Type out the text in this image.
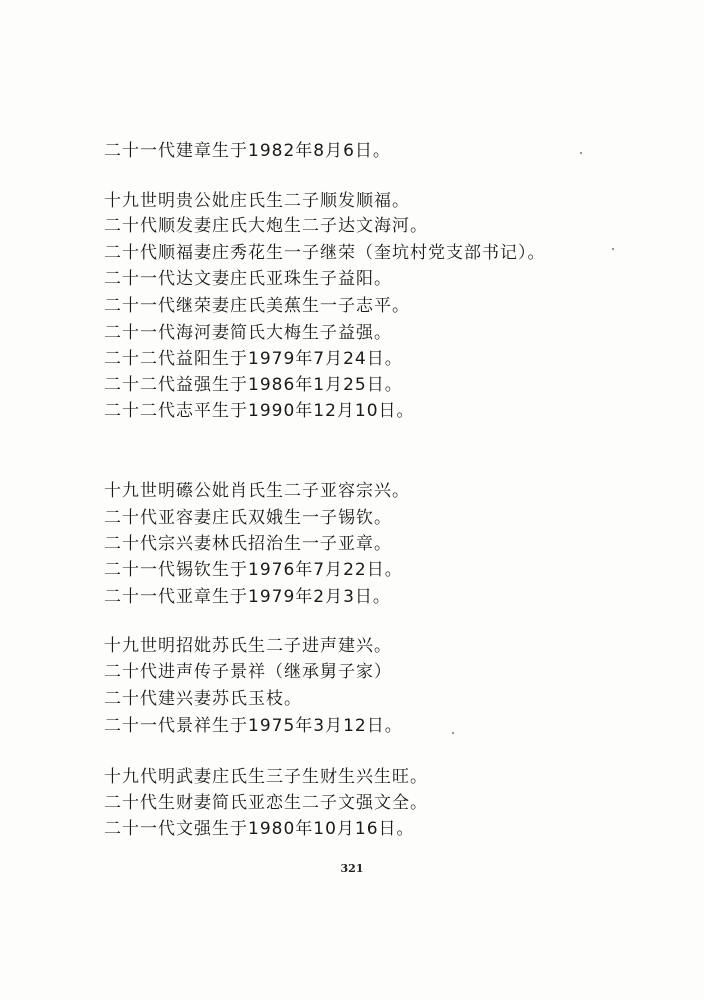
二十一代建章生于1982年8月6日。
十九世明贵公妣庄氏生二子顺发顺福。
二十代顺发妻庄氏大炮生二子达文海河。
二十代顺福妻庄秀花生一子继荣（奎坑村党支部书记）。
二十一代达文妻庄氏亚珠生子益阳。
二十一代继荣妻庄氏美蕉生一子志平。
二十一代海河妻简氏大梅生子益强。
二十二代益阳生于1979年7月24日。
二十二代益强生于1986年1月25日。
二十二代志平生于1990年12月10日。
十九世明礤公妣肖氏生二子亚容宗兴。
二十代亚容妻庄氏双娥生一子锡钦。
二十代宗兴妻林氏招治生一子亚章。
二十一代锡钦生于1976年7月22日。
二十一代亚章生于1979年2月3日。
十九世明招妣苏氏生二子进声建兴。
二十代进声传子景祥（继承舅子家）
二十代建兴妻苏氏玉枝。
二十一代景祥生于1975年3月12日。
十九代明武妻庄氏生三子生财生兴生旺。
二十代生财妻简氏亚恋生二子文强文全。
二十一代文强生于1980年10月16日。
321
